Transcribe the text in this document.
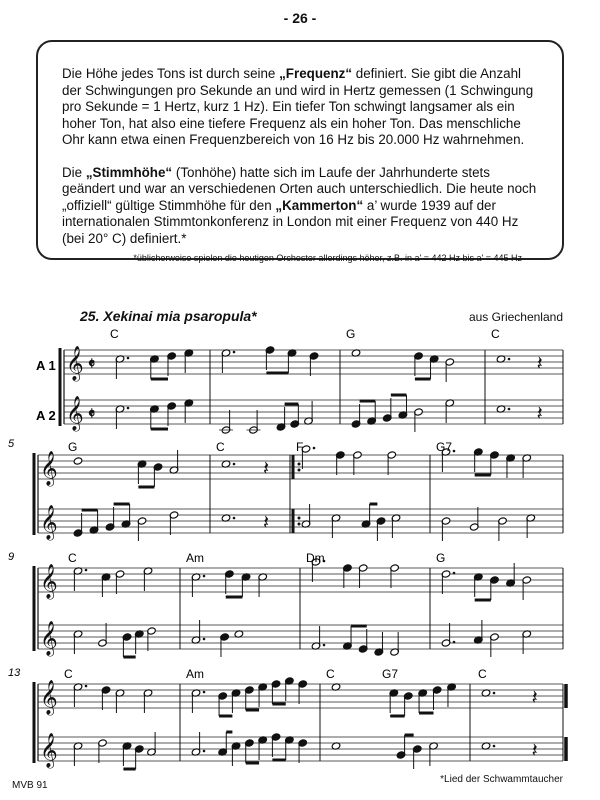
- 26 -

Die Höhe jedes Tons ist durch seine „Frequenz“ definiert. Sie gibt die Anzahl der Schwingungen pro Sekunde an und wird in Hertz gemessen (1 Schwingung pro Sekunde = 1 Hertz, kurz 1 Hz). Ein tiefer Ton schwingt langsamer als ein hoher Ton, hat also eine tiefere Frequenz als ein hoher Ton. Das menschliche Ohr kann etwa einen Frequenzbereich von 16 Hz bis 20.000 Hz wahrnehmen.

Die „Stimmhöhe“ (Tonhöhe) hatte sich im Laufe der Jahrhunderte stets geändert und war an verschiedenen Orten auch unterschiedlich. Die heute noch „offiziell“ gültige Stimmhöhe für den „Kammerton“ a’ wurde 1939 auf der internationalen Stimmtonkonferenz in London mit einer Frequenz von 440 Hz (bei 20° C) definiert.*

*üblicherweise spielen die heutigen Orchester allerdings höher, z.B. in a' = 442 Hz bis a' = 445 Hz
25. Xekinai mia psaropula*	aus Griechenland
𝄞 𝄵
A 1	𝄽
𝄞 𝄵
A 2	𝄽
C	G	C
5
𝄞	𝄽
𝄞	𝄽
G	C	F	G7
9
𝄞
𝄞
C	Am	Dm	G
13
𝄞	𝄽
𝄞	𝄽
C	Am	C	G7	C
MVB 91
*Lied der Schwammtaucher
